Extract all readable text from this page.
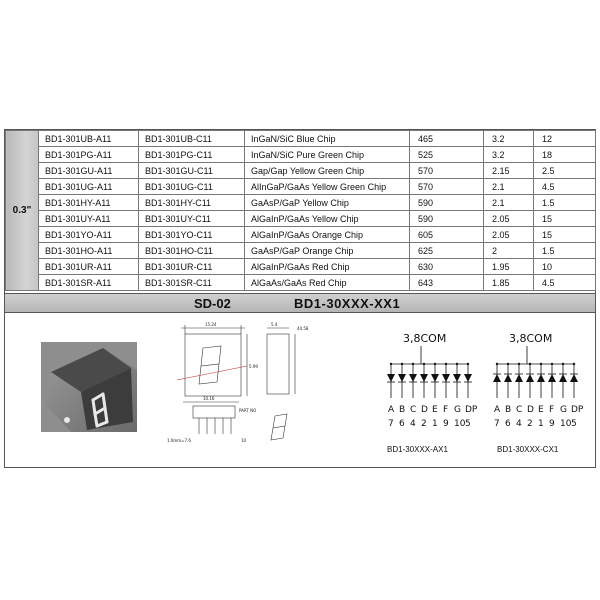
0.3"	BD1-301UB-A11	BD1-301UB-C11	InGaN/SiC Blue Chip	465	3.2	12
	BD1-301PG-A11	BD1-301PG-C11	InGaN/SiC Pure Green Chip	525	3.2	18
	BD1-301GU-A11	BD1-301GU-C11	Gap/Gap Yellow Green Chip	570	2.15	2.5
	BD1-301UG-A11	BD1-301UG-C11	AlInGaP/GaAs Yellow Green Chip	570	2.1	4.5
	BD1-301HY-A11	BD1-301HY-C11	GaAsP/GaP Yellow Chip	590	2.1	1.5
	BD1-301UY-A11	BD1-301UY-C11	AlGaInP/GaAs Yellow Chip	590	2.05	15
	BD1-301YO-A11	BD1-301YO-C11	AlGaInP/GaAs Orange Chip	605	2.05	15
	BD1-301HO-A11	BD1-301HO-C11	GaAsP/GaP Orange Chip	625	2	1.5
	BD1-301UR-A11	BD1-301UR-C11	AlGaInP/GaAs Red Chip	630	1.95	10
	BD1-301SR-A11	BD1-301SR-C11	AlGaAs/GaAs Red Chip	643	1.85	4.5
SD-02	BD1-30XXX-XX1
15.24	5.4
44.58
5.99
10.16
PART NO
1.0mm=7.6	10
3,8COM
A
7
B
6
C
4
D
2
E
1
F
9
G
10
DP
5
3,8COM
A
7
B
6
C
4
D
2
E
1
F
9
G
10
DP
5
BD1-30XXX-AX1	BD1-30XXX-CX1
